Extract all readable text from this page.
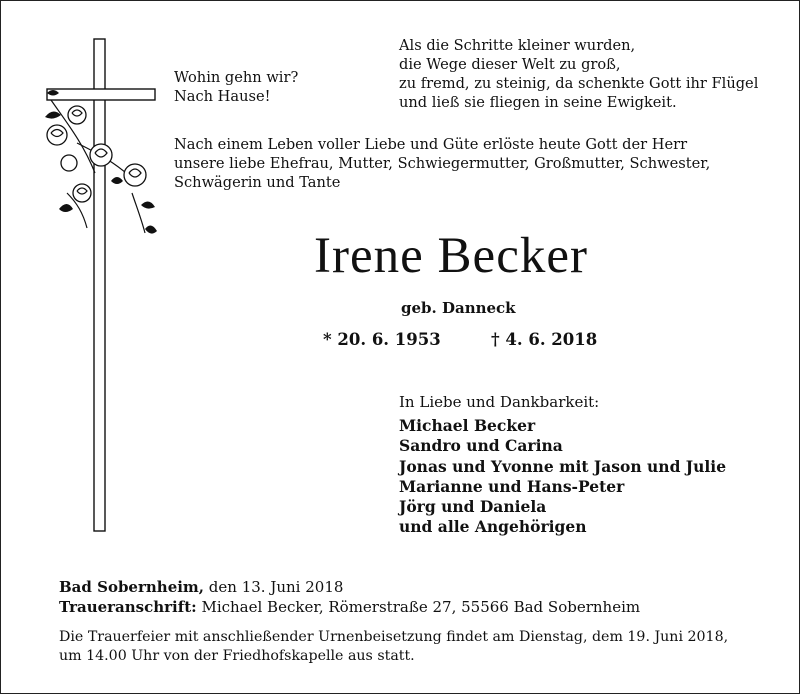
Wohin gehn wir?
Nach Hause!
Als die Schritte kleiner wurden,
die Wege dieser Welt zu groß,
zu fremd, zu steinig, da schenkte Gott ihr Flügel
und ließ sie fliegen in seine Ewigkeit.
Nach einem Leben voller Liebe und Güte erlöste heute Gott der Herr
unsere liebe Ehefrau, Mutter, Schwiegermutter, Großmutter, Schwester,
Schwägerin und Tante
Irene Becker
geb. Danneck
* 20. 6. 1953	† 4. 6. 2018
In Liebe und Dankbarkeit:
Michael Becker
Sandro und Carina
Jonas und Yvonne mit Jason und Julie
Marianne und Hans-Peter
Jörg und Daniela
und alle Angehörigen
Bad Sobernheim, den 13. Juni 2018
Traueranschrift: Michael Becker, Römerstraße 27, 55566 Bad Sobernheim
Die Trauerfeier mit anschließender Urnenbeisetzung findet am Dienstag, dem 19. Juni 2018,
um 14.00 Uhr von der Friedhofskapelle aus statt.
